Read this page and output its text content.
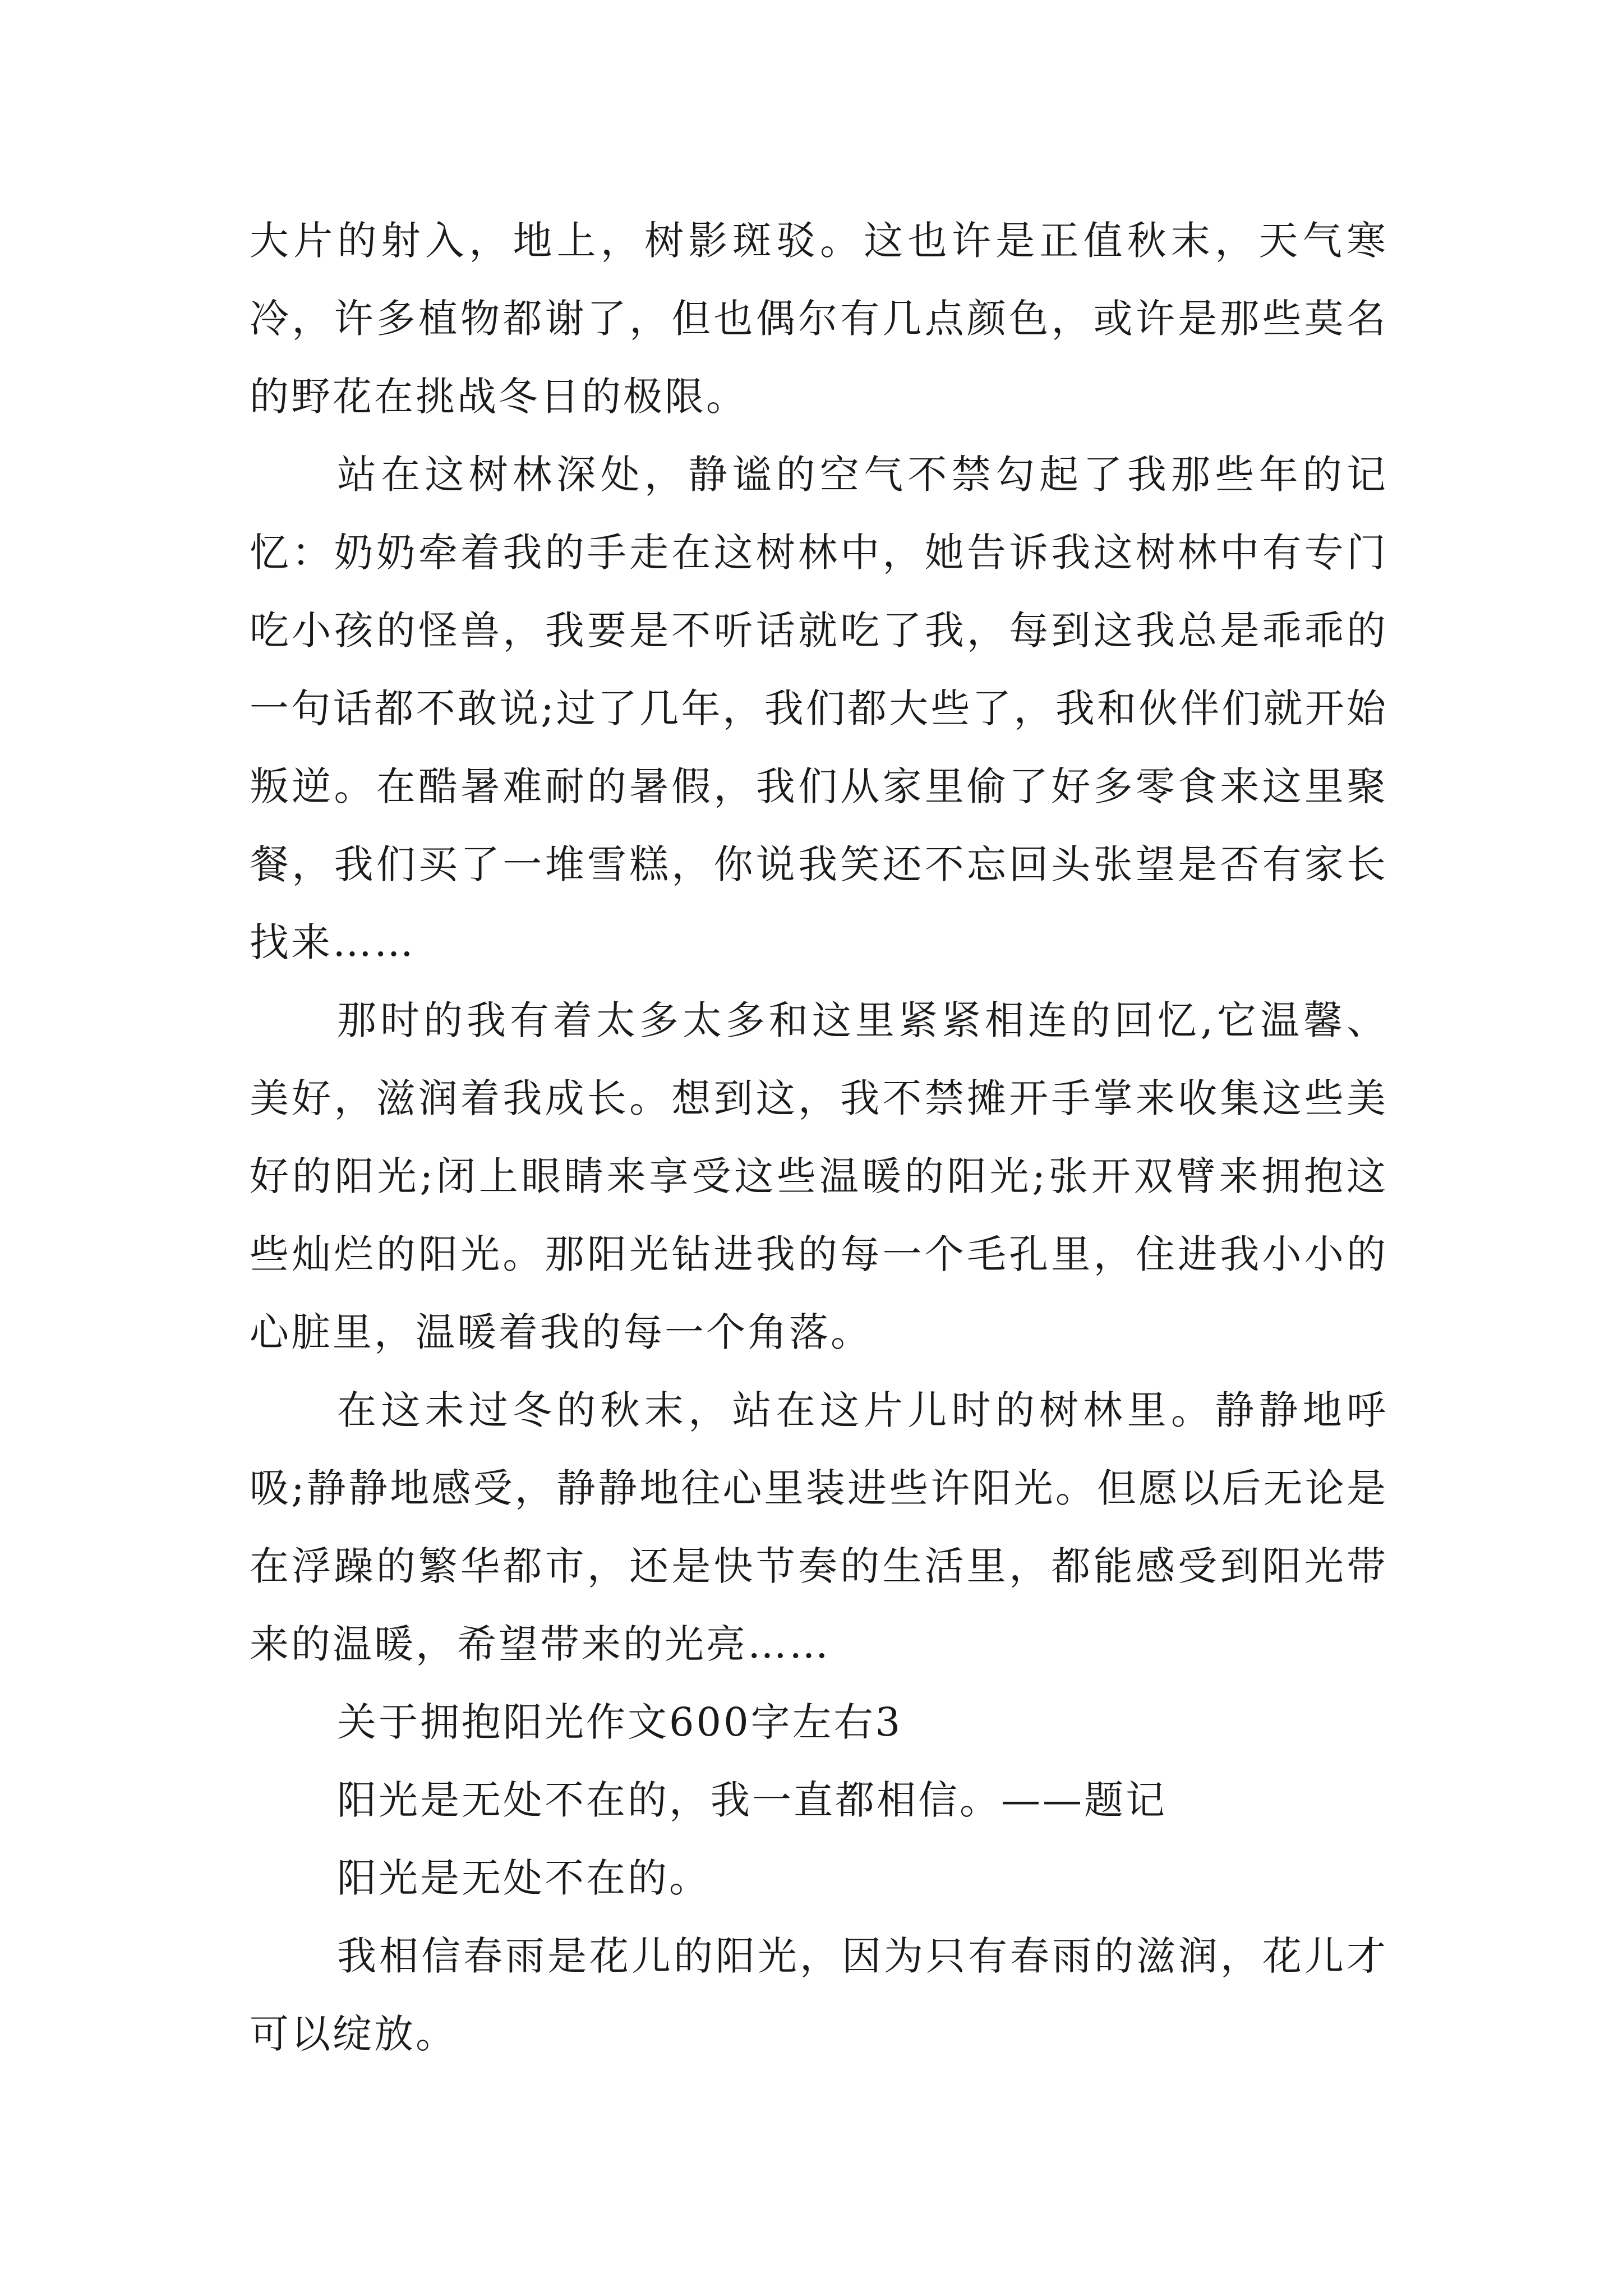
大片的射入，地上，树影斑驳。这也许是正值秋末，天气寒冷，许多植物都谢了，但也偶尔有几点颜色，或许是那些莫名的野花在挑战冬日的极限。

站在这树林深处，静谧的空气不禁勾起了我那些年的记忆：奶奶牵着我的手走在这树林中，她告诉我这树林中有专门吃小孩的怪兽，我要是不听话就吃了我，每到这我总是乖乖的一句话都不敢说;过了几年，我们都大些了，我和伙伴们就开始叛逆。在酷暑难耐的暑假，我们从家里偷了好多零食来这里聚餐，我们买了一堆雪糕，你说我笑还不忘回头张望是否有家长找来……

那时的我有着太多太多和这里紧紧相连的回忆,它温馨、美好，滋润着我成长。想到这，我不禁摊开手掌来收集这些美好的阳光;闭上眼睛来享受这些温暖的阳光;张开双臂来拥抱这些灿烂的阳光。那阳光钻进我的每一个毛孔里，住进我小小的心脏里，温暖着我的每一个角落。

在这未过冬的秋末，站在这片儿时的树林里。静静地呼吸;静静地感受，静静地往心里装进些许阳光。但愿以后无论是在浮躁的繁华都市，还是快节奏的生活里，都能感受到阳光带来的温暖，希望带来的光亮……

关于拥抱阳光作文600字左右3

阳光是无处不在的，我一直都相信。——题记

阳光是无处不在的。

我相信春雨是花儿的阳光，因为只有春雨的滋润，花儿才可以绽放。
